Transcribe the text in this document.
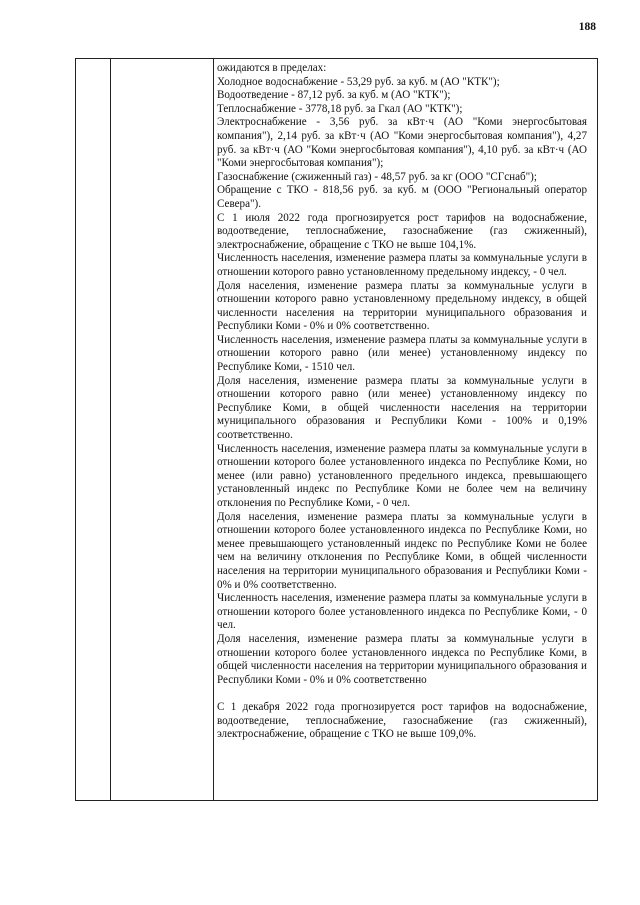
188

ожидаются в пределах:

Холодное водоснабжение - 53,29 руб. за куб. м (АО "КТК");

Водоотведение - 87,12 руб. за куб. м (АО "КТК");

Теплоснабжение - 3778,18 руб. за Гкал (АО "КТК");

Электроснабжение - 3,56 руб. за кВт·ч (АО "Коми энергосбытовая компания"), 2,14 руб. за кВт·ч (АО "Коми энергосбытовая компания"), 4,27 руб. за кВт·ч (АО "Коми энергосбытовая компания"), 4,10 руб. за кВт·ч (АО "Коми энергосбытовая компания");

Газоснабжение (сжиженный газ) - 48,57 руб. за кг (ООО "СГснаб");

Обращение с ТКО - 818,56 руб. за куб. м (ООО "Региональный оператор Севера").

С 1 июля 2022 года прогнозируется рост тарифов на водоснабжение, водоотведение, теплоснабжение, газоснабжение (газ сжиженный), электроснабжение, обращение с ТКО не выше 104,1%.

Численность населения, изменение размера платы за коммунальные услуги в отношении которого равно установленному предельному индексу, - 0 чел.

Доля населения, изменение размера платы за коммунальные услуги в отношении которого равно установленному предельному индексу, в общей численности населения на территории муниципального образования и Республики Коми - 0% и 0% соответственно.

Численность населения, изменение размера платы за коммунальные услуги в отношении которого равно (или менее) установленному индексу по Республике Коми, - 1510 чел.

Доля населения, изменение размера платы за коммунальные услуги в отношении которого равно (или менее) установленному индексу по Республике Коми, в общей численности населения на территории муниципального образования и Республики Коми - 100% и 0,19% соответственно.

Численность населения, изменение размера платы за коммунальные услуги в отношении которого более установленного индекса по Республике Коми, но менее (или равно) установленного предельного индекса, превышающего установленный индекс по Республике Коми не более чем на величину отклонения по Республике Коми, - 0 чел.

Доля населения, изменение размера платы за коммунальные услуги в отношении которого более установленного индекса по Республике Коми, но менее превышающего установленный индекс по Республике Коми не более чем на величину отклонения по Республике Коми, в общей численности населения на территории муниципального образования и Республики Коми - 0% и 0% соответственно.

Численность населения, изменение размера платы за коммунальные услуги в отношении которого более установленного индекса по Республике Коми, - 0 чел.

Доля населения, изменение размера платы за коммунальные услуги в отношении которого более установленного индекса по Республике Коми, в общей численности населения на территории муниципального образования и Республики Коми - 0% и 0% соответственно

С 1 декабря 2022 года прогнозируется рост тарифов на водоснабжение, водоотведение, теплоснабжение, газоснабжение (газ сжиженный), электроснабжение, обращение с ТКО не выше 109,0%.
